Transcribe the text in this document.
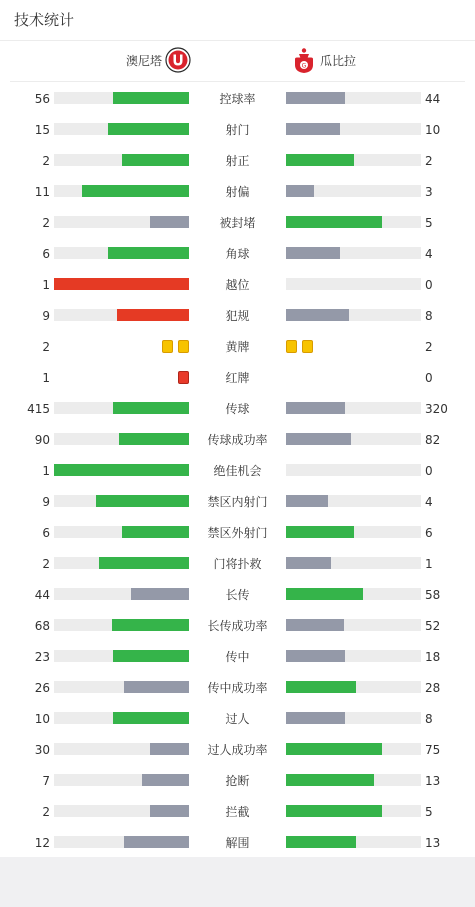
技术统计
澳尼塔	G 瓜比拉
56	控球率	44
15	射门	10
2	射正	2
11	射偏	3
2	被封堵	5
6	角球	4
1	越位	0
9	犯规	8
2	黄牌	2
1	红牌	0
415	传球	320
90	传球成功率	82
1	绝佳机会	0
9	禁区内射门	4
6	禁区外射门	6
2	门将扑救	1
44	长传	58
68	长传成功率	52
23	传中	18
26	传中成功率	28
10	过人	8
30	过人成功率	75
7	抢断	13
2	拦截	5
12	解围	13
